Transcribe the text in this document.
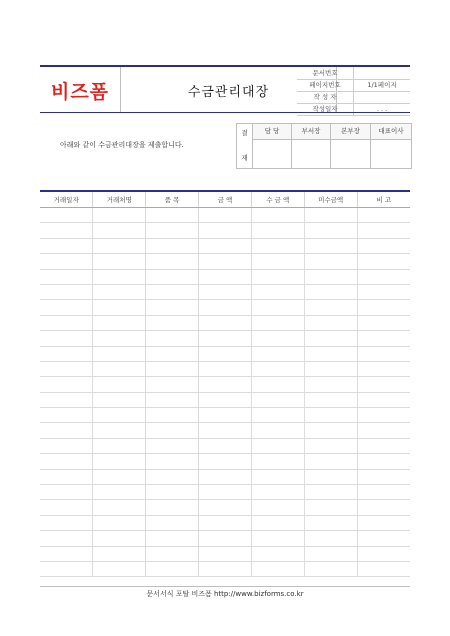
비즈폼	수금관리대장
문서번호
페이지번호	1/1페이지
작 성 자
작성일자	. . .
아래와 같이 수금관리대장을 제출합니다.
결
재
담 당	부서장	본부장	대표이사
거래일자	거래처명	품 목	금 액	수 금 액	미수금액	비 고

문서서식 포탈 비즈폼 http://www.bizforms.co.kr
